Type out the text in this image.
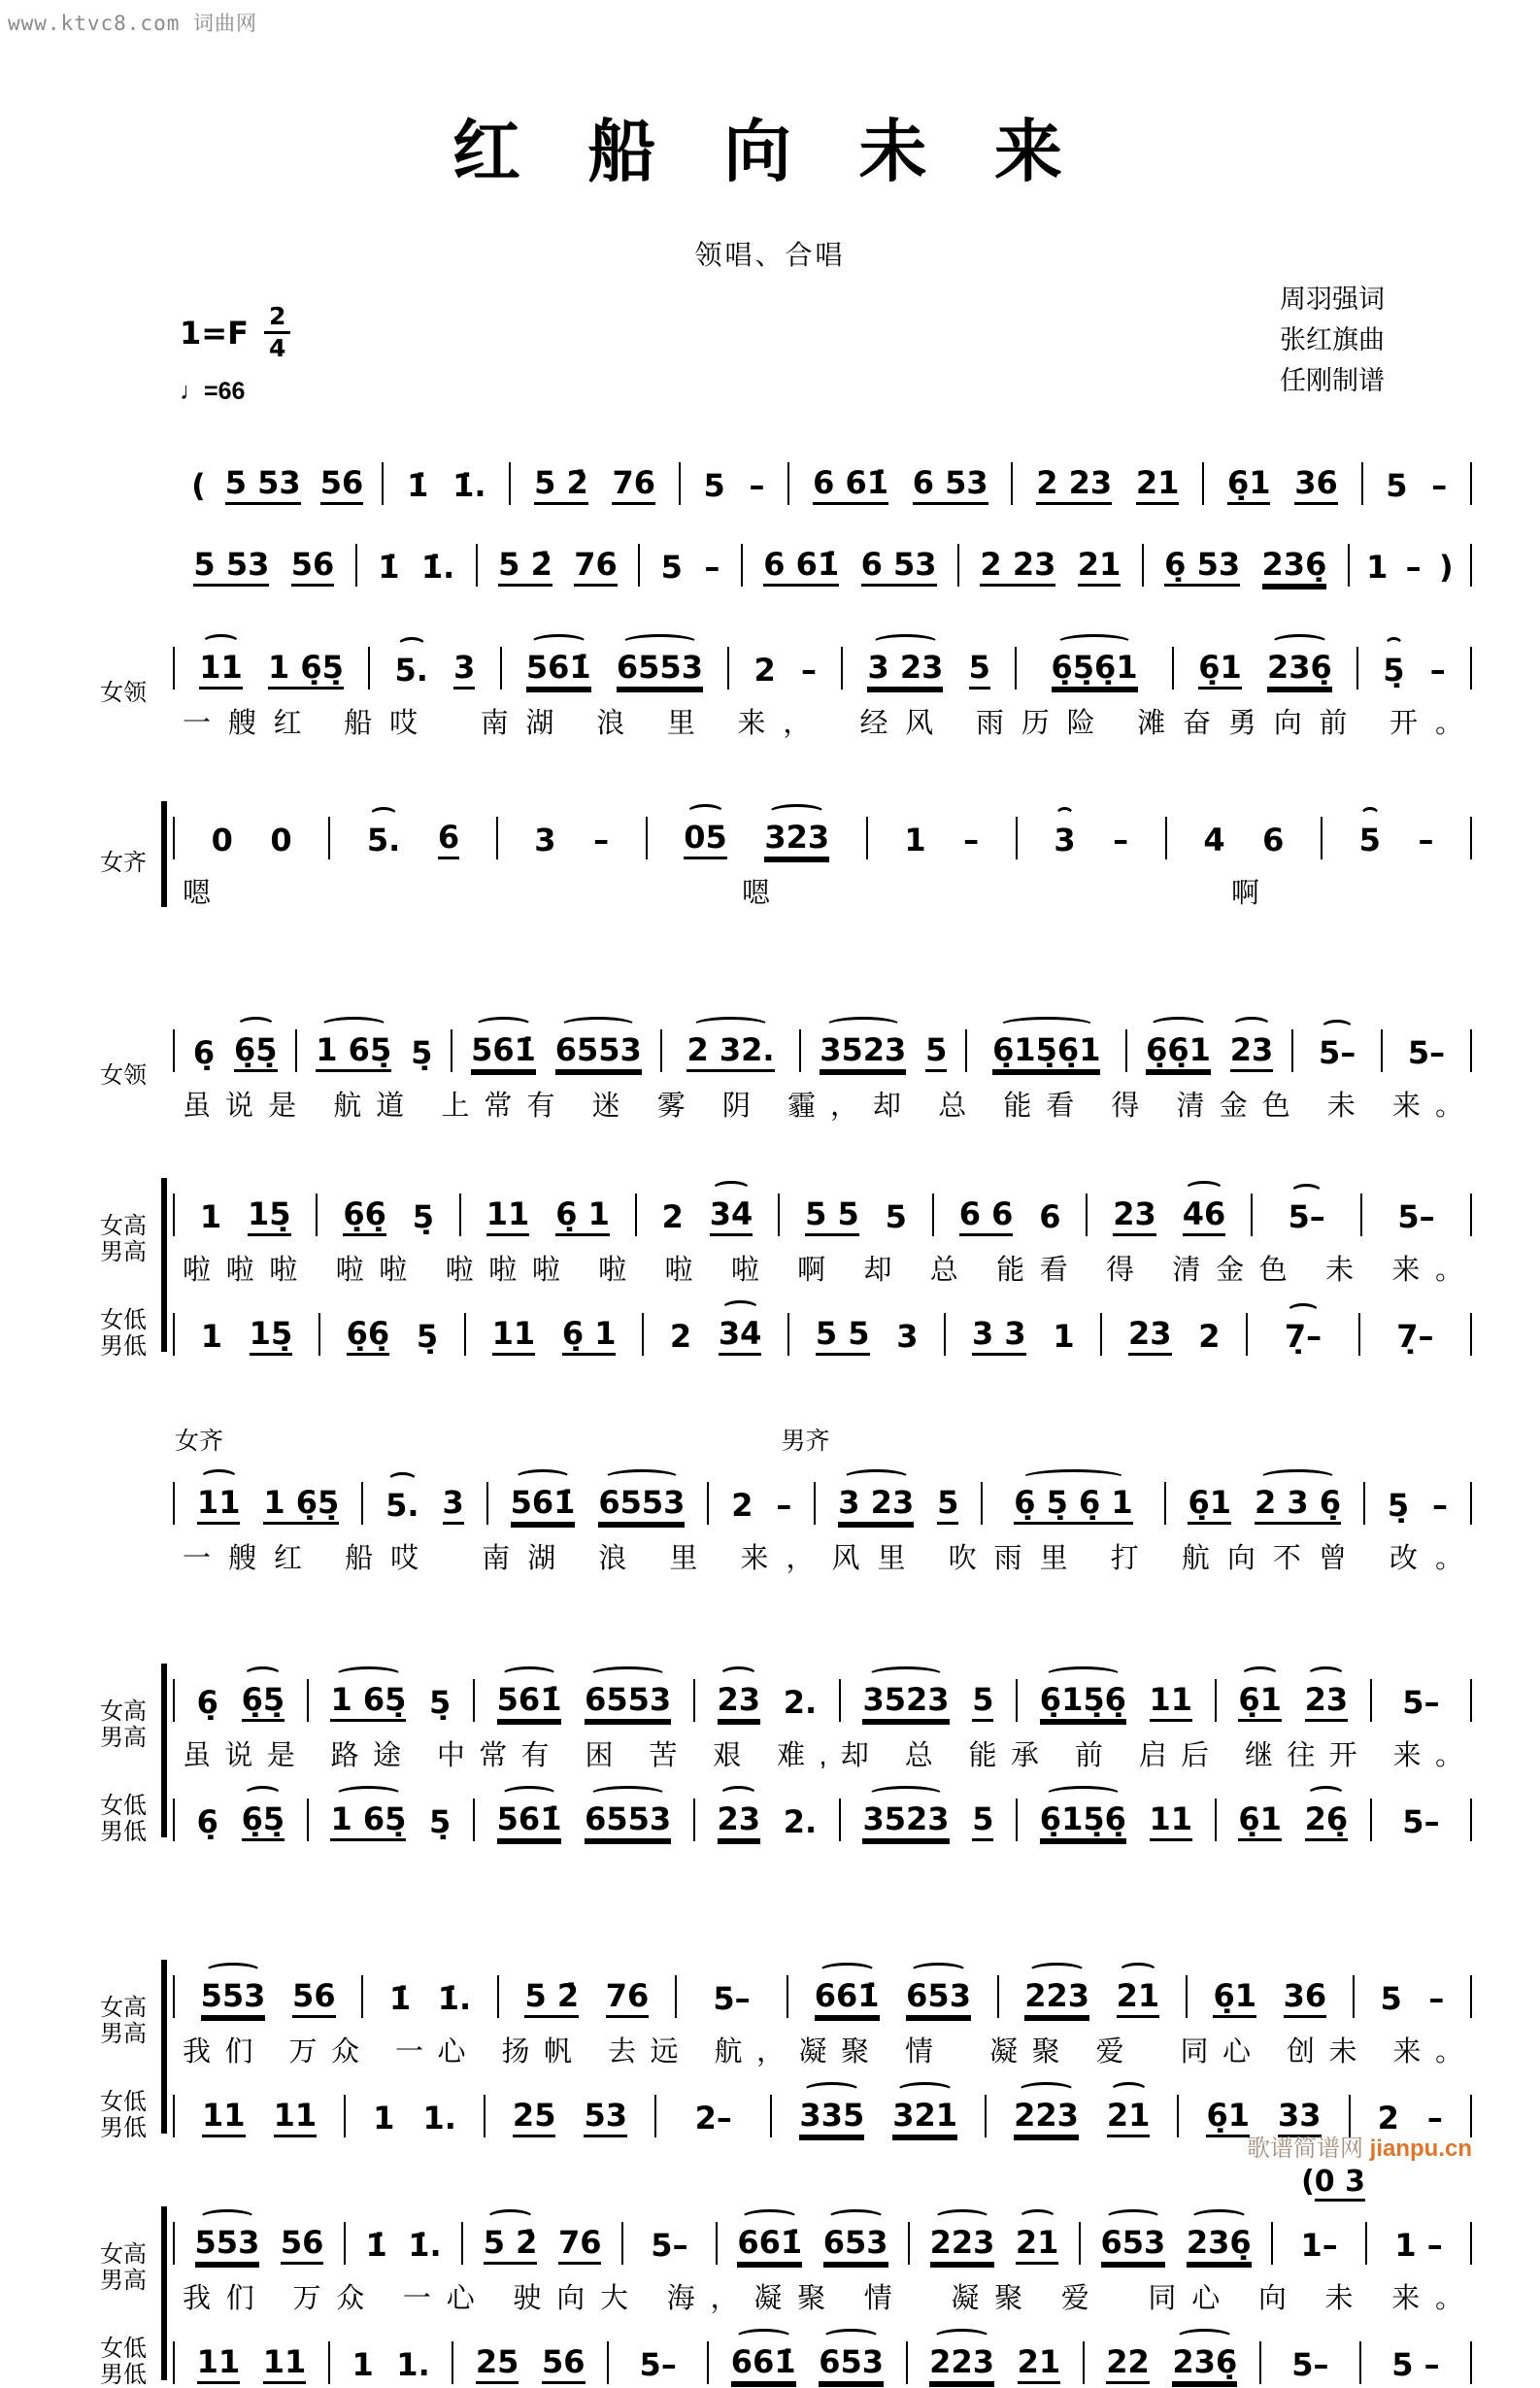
www.ktvc8.com 词曲网
红 船 向 未 来
领唱、合唱
$1=F \frac{2}{4}$
♩=66
周羽强词
张红旗曲
任刚制谱
( 5 53 56 1̇ 1̇. 5 2̇ 76 5 – 6 61̇ 6 53 2 23 21 6̣1 36 5 –
5 53 56 1̇ 1̇. 5 2̇ 76 5 – 6 61̇ 6 53 2 23 21 6̣ 53 236̣ 1 – )
女领
11 1 6̣5̣ 5. 3 561̇ 6553 2 – 3 23 5 6̣5̣6̣1 6̣1 236̣ 5̣ –
一艘红 船哎　南湖 浪 里 来，　经风 雨历险 滩奋勇向前 开。
女齐
0 0 5. 6 3 – 05 323 1 – 3 – 4 6 5 –
嗯　　　　　　　嗯　　　　　　啊　　　　　　　
女领
6̣ 6̣5̣ 1 65̣ 5̣ 561̇ 6553 2 32. 3523 5 6̣15̣6̣1 6̣6̣1 23 5– 5–
虽说是 航道 上常有 迷 雾 阴 霾，却 总 能看 得 清金色 未 来。
女高
男高
1 15̣ 6̣6̣ 5̣ 11 6̣ 1 2 34 5 5 5 6 6 6 23 46 5– 5–
啦啦啦 啦啦 啦啦啦 啦 啦 啦 啊 却 总 能看 得 清金色 未 来。
女低
男低	1 15̣ 6̣6̣ 5̣ 11 6̣ 1 2 34 5 5 3 3 3 1 23 2 7̣– 7̣–
女齐	男齐
11 1 6̣5̣ 5. 3 561̇ 6553 2 – 3 23 5 6̣ 5̣ 6̣ 1 6̣1 2 3 6̣ 5̣ –
一艘红 船哎　南湖 浪 里 来，风里 吹雨里 打 航向不曾 改。
女高
男高
6̣ 6̣5̣ 1 65̣ 5̣ 561̇ 6553 23 2. 3523 5 6̣15̣6̣ 11 6̣1 23 5–
虽说是 路途 中常有 困 苦 艰 难,却 总 能承 前 启后 继往开 来。
女低
男低	6̣ 6̣5̣ 1 65̣ 5̣ 561̇ 6553 23 2. 3523 5 6̣15̣6̣ 11 6̣1 26̣ 5–
女高
男高
553 56 1̇ 1̇. 5 2̇ 76 5– 661̇ 653 223 21 6̣1 36 5 –
我们 万众 一心 扬帆 去远 航，凝聚 情　凝聚 爱　同心 创未 来。
女低
男低	11 11 1 1. 25 53 2– 335 321 223 21 6̣1 33 2 –
(0 3
女高
男高
553 56 1̇ 1̇. 5 2̇ 76 5– 661̇ 653 223 21 653 236̣ 1– 1 –
我们 万众 一心 驶向大 海，凝聚 情　凝聚 爱　同心 向 未 来。
女低
男低	11 11 1 1. 25 56 5– 661̇ 653 223 21 22 236̣ 5– 5 –
歌谱简谱网 jianpu.cn
